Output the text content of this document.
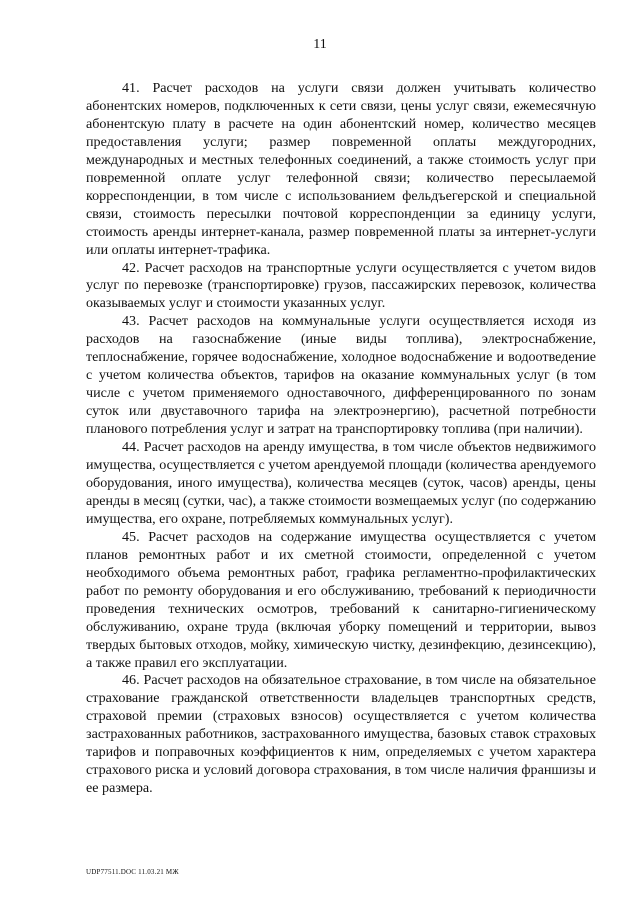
11

41. Расчет расходов на услуги связи должен учитывать количество абонентских номеров, подключенных к сети связи, цены услуг связи, ежемесячную абонентскую плату в расчете на один абонентский номер, количество месяцев предоставления услуги; размер повременной оплаты междугородних, международных и местных телефонных соединений, а также стоимость услуг при повременной оплате услуг телефонной связи; количество пересылаемой корреспонденции, в том числе с использованием фельдъегерской и специальной связи, стоимость пересылки почтовой корреспонденции за единицу услуги, стоимость аренды интернет-канала, размер повременной платы за интернет-услуги или оплаты интернет-трафика.

42. Расчет расходов на транспортные услуги осуществляется с учетом видов услуг по перевозке (транспортировке) грузов, пассажирских перевозок, количества оказываемых услуг и стоимости указанных услуг.

43. Расчет расходов на коммунальные услуги осуществляется исходя из расходов на газоснабжение (иные виды топлива), электроснабжение, теплоснабжение, горячее водоснабжение, холодное водоснабжение и водоотведение с учетом количества объектов, тарифов на оказание коммунальных услуг (в том числе с учетом применяемого одноставочного, дифференцированного по зонам суток или двуставочного тарифа на электроэнергию), расчетной потребности планового потребления услуг и затрат на транспортировку топлива (при наличии).

44. Расчет расходов на аренду имущества, в том числе объектов недвижимого имущества, осуществляется с учетом арендуемой площади (количества арендуемого оборудования, иного имущества), количества месяцев (суток, часов) аренды, цены аренды в месяц (сутки, час), а также стоимости возмещаемых услуг (по содержанию имущества, его охране, потребляемых коммунальных услуг).

45. Расчет расходов на содержание имущества осуществляется с учетом планов ремонтных работ и их сметной стоимости, определенной с учетом необходимого объема ремонтных работ, графика регламентно-профилактических работ по ремонту оборудования и его обслуживанию, требований к периодичности проведения технических осмотров, требований к санитарно-гигиеническому обслуживанию, охране труда (включая уборку помещений и территории, вывоз твердых бытовых отходов, мойку, химическую чистку, дезинфекцию, дезинсекцию), а также правил его эксплуатации.

46. Расчет расходов на обязательное страхование, в том числе на обязательное страхование гражданской ответственности владельцев транспортных средств, страховой премии (страховых взносов) осуществляется с учетом количества застрахованных работников, застрахованного имущества, базовых ставок страховых тарифов и поправочных коэффициентов к ним, определяемых с учетом характера страхового риска и условий договора страхования, в том числе наличия франшизы и ее размера.

UDP77511.DOC 11.03.21 МЖ
